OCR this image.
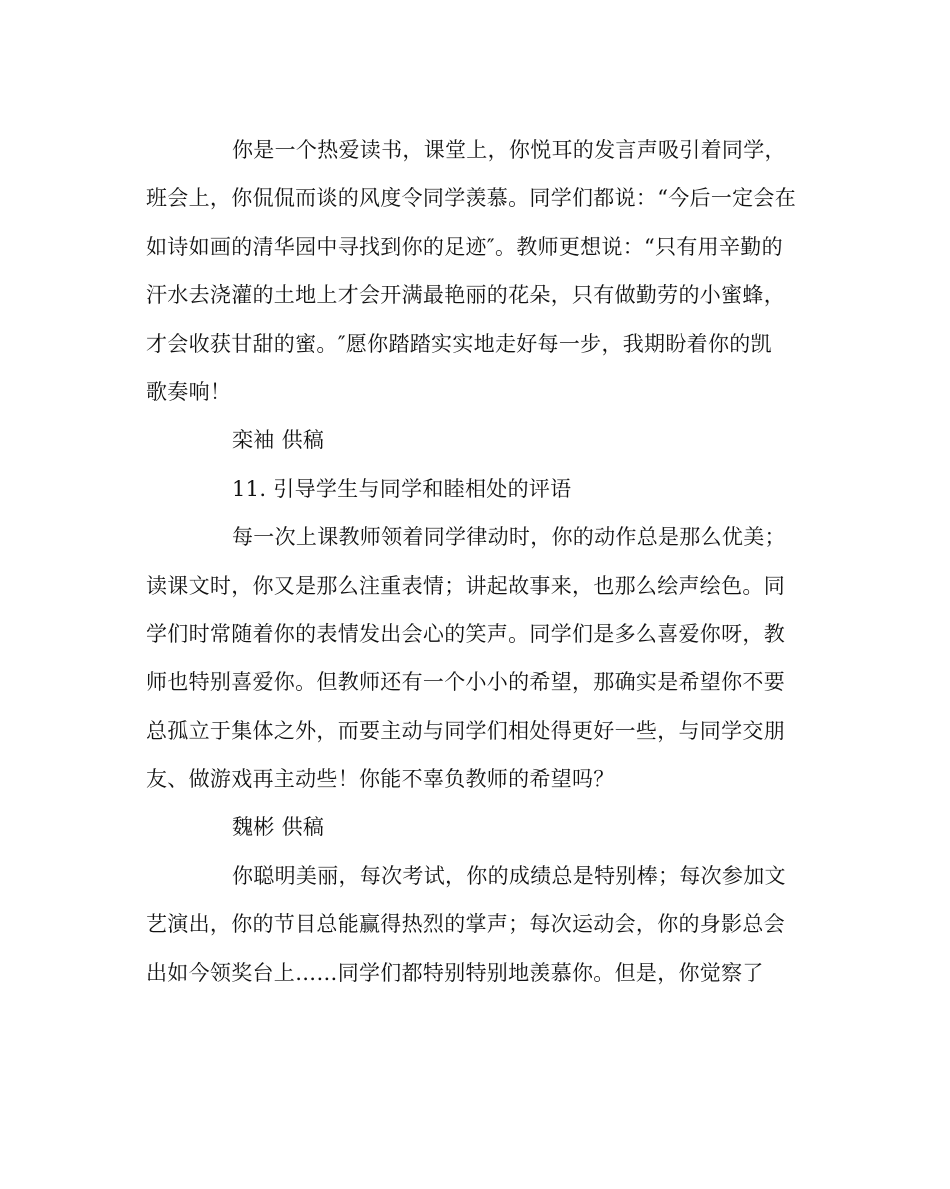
你是一个热爱读书，课堂上，你悦耳的发言声吸引着同学，
班会上，你侃侃而谈的风度令同学羡慕。同学们都说：“今后一定会在
如诗如画的清华园中寻找到你的足迹″。教师更想说：“只有用辛勤的
汗水去浇灌的土地上才会开满最艳丽的花朵，只有做勤劳的小蜜蜂，
才会收获甘甜的蜜。″愿你踏踏实实地走好每一步，我期盼着你的凯
歌奏响！
栾袖 供稿
11. 引导学生与同学和睦相处的评语
每一次上课教师领着同学律动时，你的动作总是那么优美；
读课文时，你又是那么注重表情；讲起故事来，也那么绘声绘色。同
学们时常随着你的表情发出会心的笑声。同学们是多么喜爱你呀，教
师也特别喜爱你。但教师还有一个小小的希望，那确实是希望你不要
总孤立于集体之外，而要主动与同学们相处得更好一些，与同学交朋
友、做游戏再主动些！你能不辜负教师的希望吗？
魏彬 供稿
你聪明美丽，每次考试，你的成绩总是特别棒；每次参加文
艺演出，你的节目总能赢得热烈的掌声；每次运动会，你的身影总会
出如今领奖台上……同学们都特别特别地羡慕你。但是，你觉察了
